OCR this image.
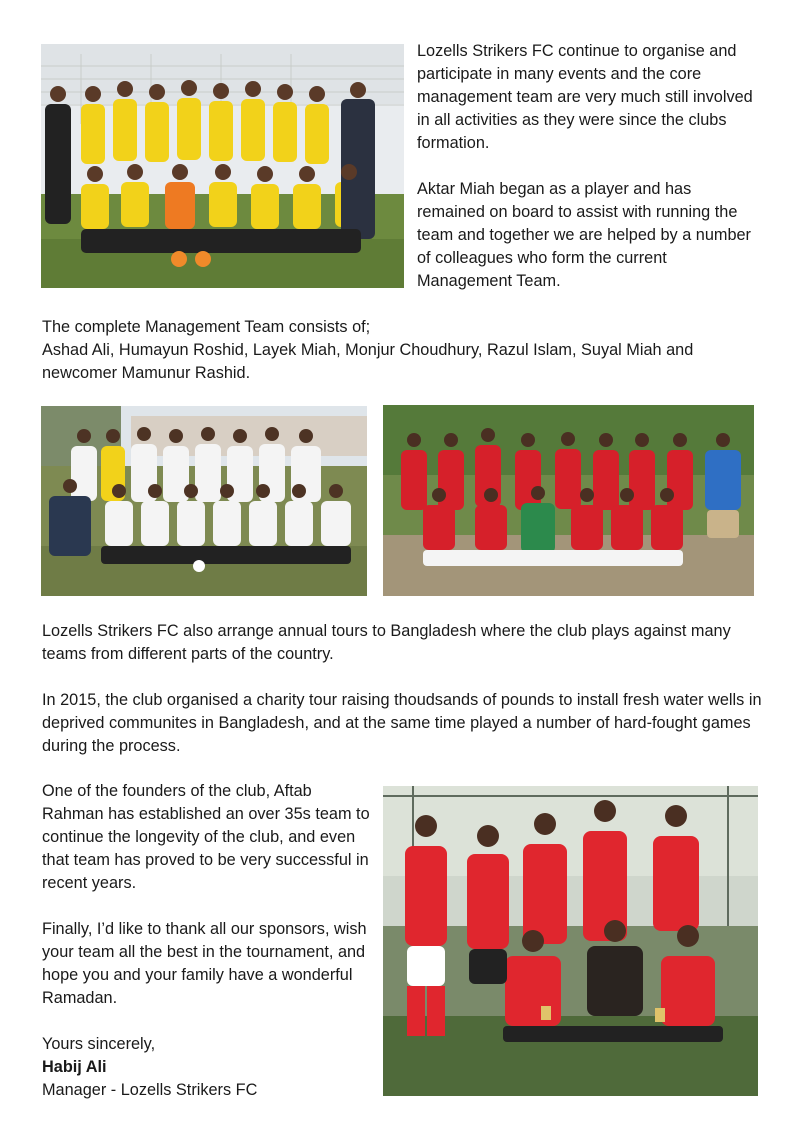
Lozells Strikers FC continue to organise and participate in many events and the core management team are very much still involved in all activities as they were since the clubs formation.

Aktar Miah began as a player and has remained on board to assist with running the team and together we are helped by a number of colleagues who form the current Management Team.

The complete Management Team consists of;

Ashad Ali, Humayun Roshid, Layek Miah, Monjur Choudhury, Razul Islam, Suyal Miah and newcomer Mamunur Rashid.

Lozells Strikers FC also arrange annual tours to Bangladesh where the club plays against many teams from different parts of the country.

In 2015, the club organised a charity tour raising thoudsands of pounds to install fresh water wells in deprived communites in Bangladesh, and at the same time played a number of hard-fought games during the process.

One of the founders of the club, Aftab Rahman has established an over 35s team to continue the longevity of the club, and even that team has proved to be very successful in recent years.

Finally, I’d like to thank all our sponsors, wish your team all the best in the tournament, and hope you and your family have a wonderful Ramadan.

Yours sincerely,

Habij Ali

Manager - Lozells Strikers FC
